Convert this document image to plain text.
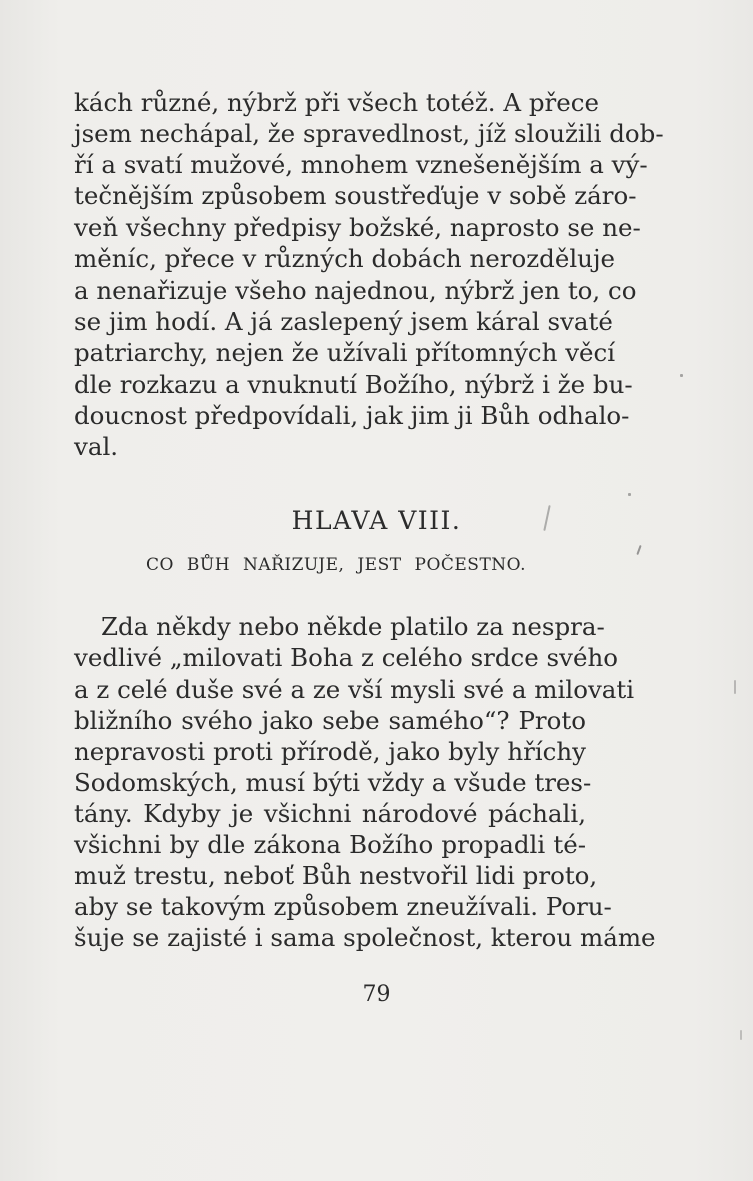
kách různé, nýbrž při všech totéž. A přece
jsem nechápal, že spravedlnost, jíž sloužili dob-
ří a svatí mužové, mnohem vznešenějším a vý-
tečnějším způsobem soustřeďuje v sobě záro-
veň všechny předpisy božské, naprosto se ne-
měníc, přece v různých dobách nerozděluje
a nenařizuje všeho najednou, nýbrž jen to, co
se jim hodí. A já zaslepený jsem káral svaté
patriarchy, nejen že užívali přítomných věcí
dle rozkazu a vnuknutí Božího, nýbrž i že bu-
doucnost předpovídali, jak jim ji Bůh odhalo-
val.
HLAVA VIII.
CO BŮH NAŘIZUJE, JEST POČESTNO.
Zda někdy nebo někde platilo za nespra-
vedlivé „milovati Boha z celého srdce svého
a z celé duše své a ze vší mysli své a milovati
bližního svého jako sebe samého“? Proto
nepravosti proti přírodě, jako byly hříchy
Sodomských, musí býti vždy a všude tres-
tány. Kdyby je všichni národové páchali,
všichni by dle zákona Božího propadli té-
muž trestu, neboť Bůh nestvořil lidi proto,
aby se takovým způsobem zneužívali. Poru-
šuje se zajisté i sama společnost, kterou máme
79
